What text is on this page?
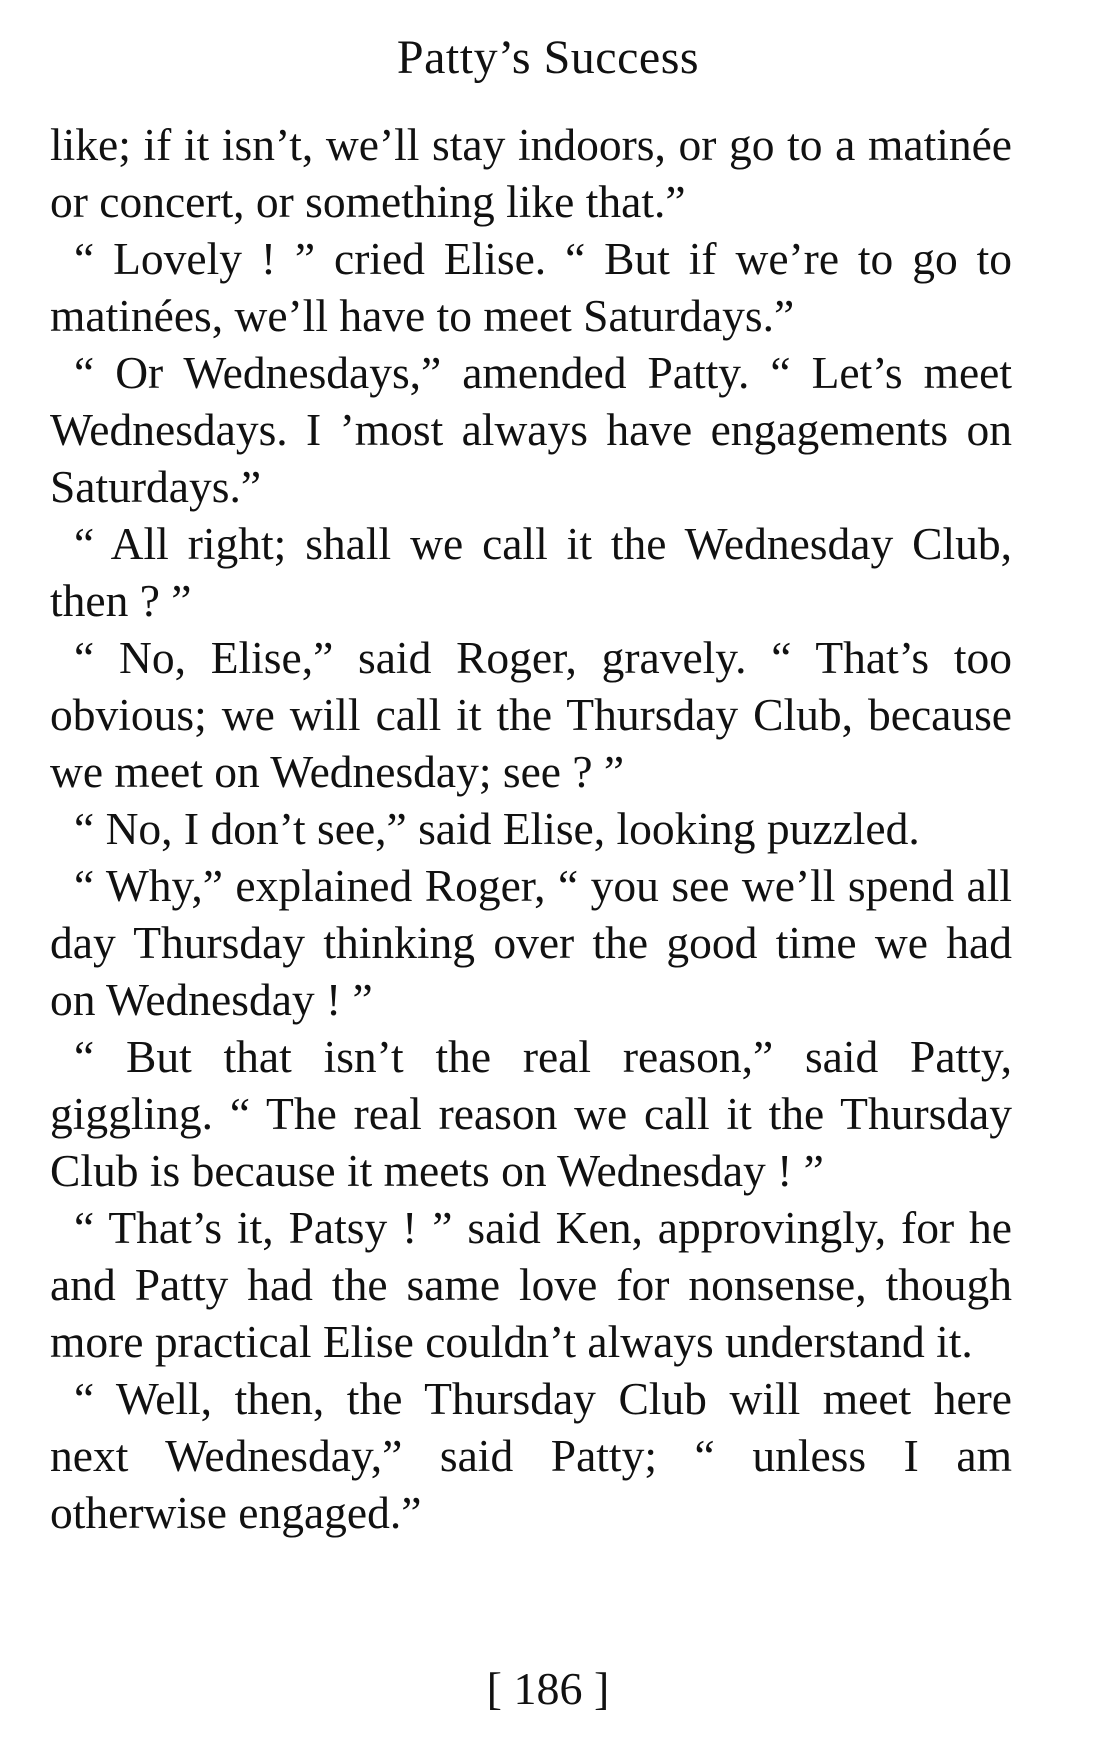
Patty’s Success

like; if it isn’t, we’ll stay indoors, or go to a matinée or concert, or something like that.”

“ Lovely ! ” cried Elise. “ But if we’re to go to matinées, we’ll have to meet Saturdays.”

“ Or Wednesdays,” amended Patty. “ Let’s meet Wednesdays. I ’most always have engagements on Saturdays.”

“ All right; shall we call it the Wednesday Club, then ? ”

“ No, Elise,” said Roger, gravely. “ That’s too obvious; we will call it the Thursday Club, because we meet on Wednesday; see ? ”

“ No, I don’t see,” said Elise, looking puzzled.

“ Why,” explained Roger, “ you see we’ll spend all day Thursday thinking over the good time we had on Wednesday ! ”

“ But that isn’t the real reason,” said Patty, giggling. “ The real reason we call it the Thursday Club is because it meets on Wednesday ! ”

“ That’s it, Patsy ! ” said Ken, approvingly, for he and Patty had the same love for nonsense, though more practical Elise couldn’t always understand it.

“ Well, then, the Thursday Club will meet here next Wednesday,” said Patty; “ unless I am otherwise engaged.”

[ 186 ]
